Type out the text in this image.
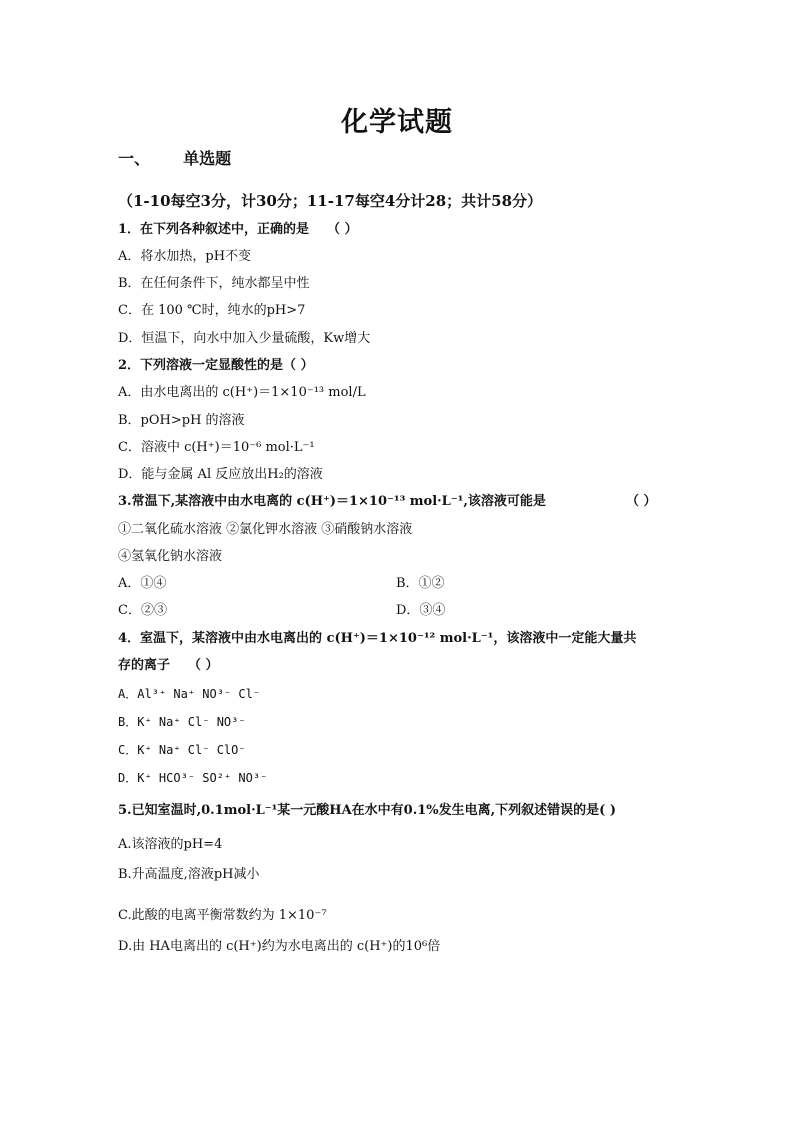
化学试题
一、 单选题
（1-10每空3分，计30分；11-17每空4分计28；共计58分）
1．在下列各种叙述中，正确的是 （ ）
A．将水加热，pH不变
B．在任何条件下，纯水都呈中性
C．在 100 ℃时，纯水的pH>7
D．恒温下，向水中加入少量硫酸，Kw增大
2．下列溶液一定显酸性的是（ ）
A．由水电离出的 c(H⁺)＝1×10⁻¹³ mol/L
B．pOH>pH 的溶液
C．溶液中 c(H⁺)＝10⁻⁶ mol·L⁻¹
D．能与金属 Al 反应放出H₂的溶液
3.常温下,某溶液中由水电离的 c(H⁺)＝1×10⁻¹³ mol·L⁻¹,该溶液可能是	（ ）
①二氧化硫水溶液 ②氯化钾水溶液 ③硝酸钠水溶液
④氢氧化钠水溶液
A．①④	B．①②
C．②③	D．③④
4．室温下，某溶液中由水电离出的 c(H⁺)＝1×10⁻¹² mol·L⁻¹，该溶液中一定能大量共
存的离子 （ ）
A．Al³⁺ Na⁺ NO³⁻ Cl⁻
B．K⁺ Na⁺ Cl⁻ NO³⁻
C．K⁺ Na⁺ Cl⁻ ClO⁻
D．K⁺ HCO³⁻ SO²⁺ NO³⁻
5.已知室温时,0.1mol·L⁻¹某一元酸HA在水中有0.1%发生电离,下列叙述错误的是( )
A.该溶液的pH=4
B.升高温度,溶液pH减小
C.此酸的电离平衡常数约为 1×10⁻⁷
D.由 HA电离出的 c(H⁺)约为水电离出的 c(H⁺)的10⁶倍
